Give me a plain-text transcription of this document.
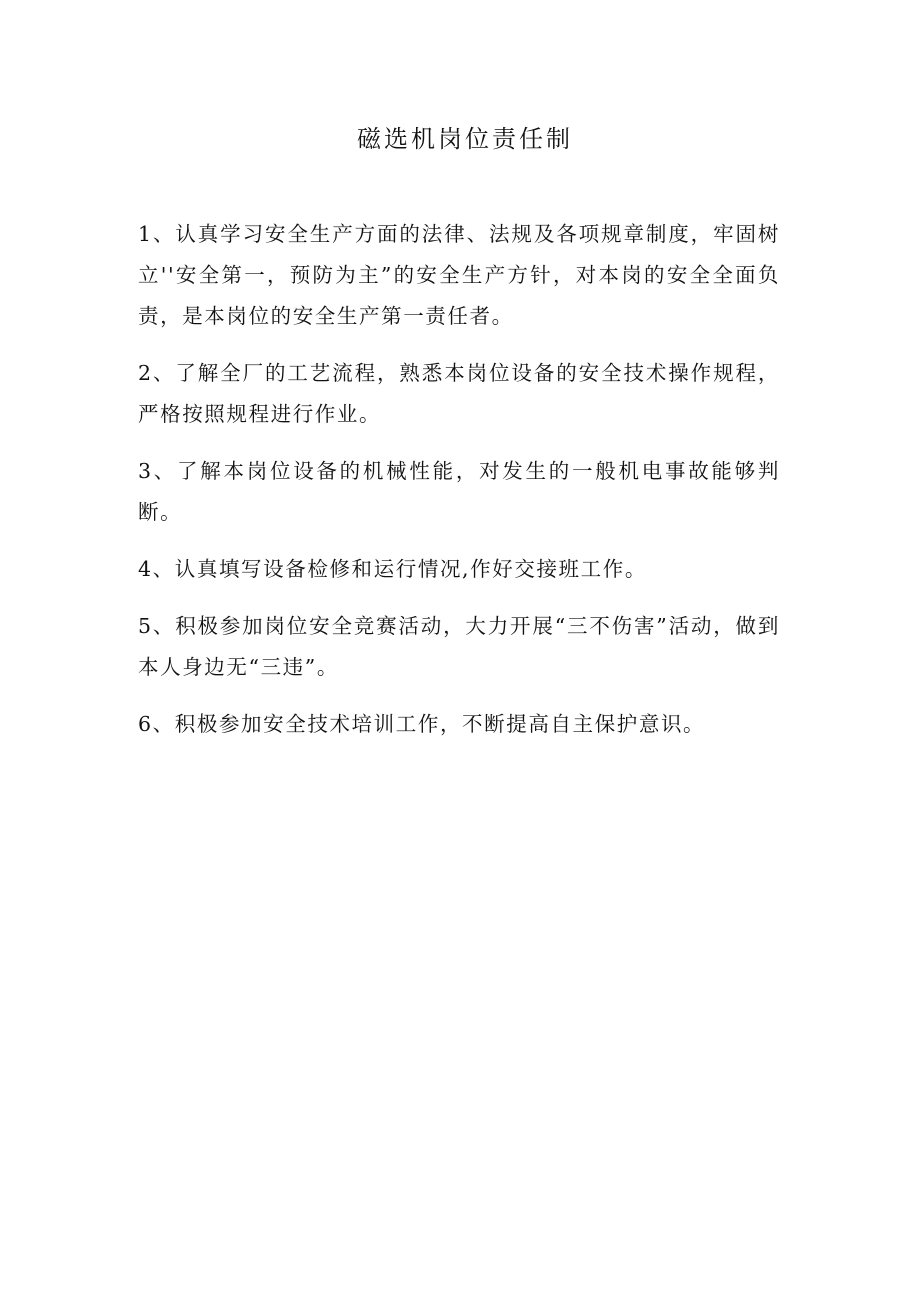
磁选机岗位责任制

1、认真学习安全生产方面的法律、法规及各项规章制度，牢固树立''安全第一，预防为主”的安全生产方针，对本岗的安全全面负责，是本岗位的安全生产第一责任者。

2、了解全厂的工艺流程，熟悉本岗位设备的安全技术操作规程，严格按照规程进行作业。

3、了解本岗位设备的机械性能，对发生的一般机电事故能够判断。

4、认真填写设备检修和运行情况,作好交接班工作。

5、积极参加岗位安全竞赛活动，大力开展“三不伤害”活动，做到本人身边无“三违”。

6、积极参加安全技术培训工作，不断提高自主保护意识。
